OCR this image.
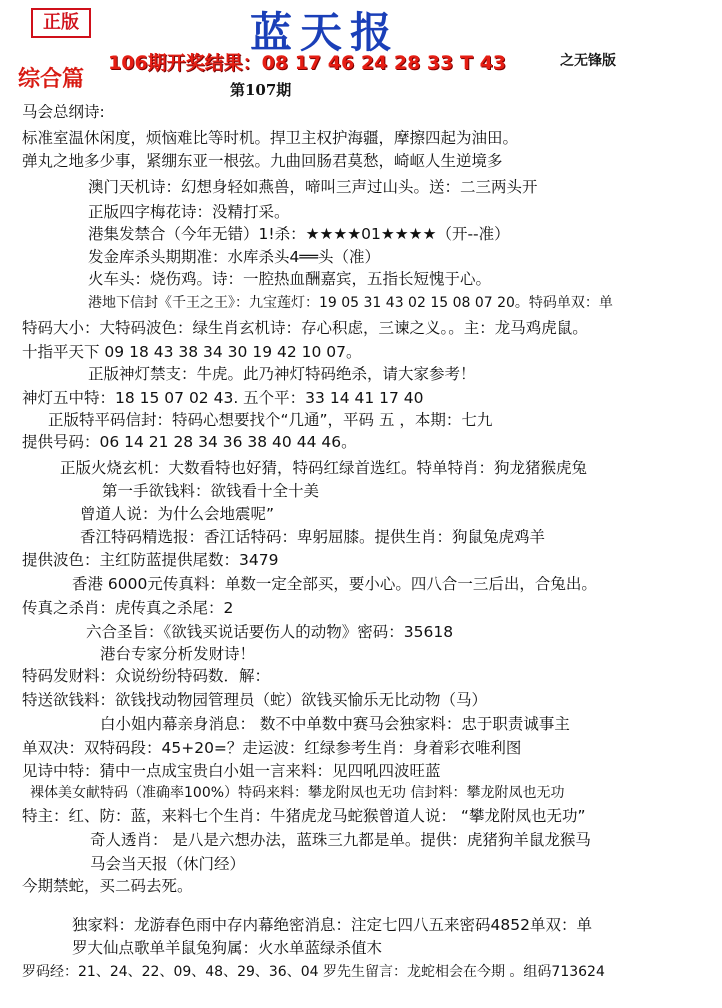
正版	蓝天报
106期开奖结果：08 17 46 24 28 33 T 43	之无锋版
综合篇	第107期
马会总纲诗:
标准室温休闲度，烦恼难比等时机。捍卫主权护海疆，摩擦四起为油田。
弹丸之地多少事，紧绷东亚一根弦。九曲回肠君莫愁，崎岖人生逆境多
澳门天机诗：幻想身轻如燕兽，啼叫三声过山头。送：二三两头开
正版四字梅花诗：没精打采。
港集发禁合（今年无错）1!杀：★★★★01★★★★（开--准）
发金库杀头期期准：水库杀头4══头（准）
火车头：烧伤鸡。诗：一腔热血酬嘉宾，五指长短愧于心。
港地下信封《千王之王》：九宝莲灯：19 05 31 43 02 15 08 07 20。特码单双：单
特码大小：大特码波色：绿生肖玄机诗：存心积虑，三谏之义。。主：龙马鸡虎鼠。
十指平天下 09 18 43 38 34 30 19 42 10 07。
正版神灯禁支：牛虎。此乃神灯特码绝杀，请大家参考！
神灯五中特：18 15 07 02 43. 五个平：33 14 41 17 40
正版特平码信封：特码心想要找个“几通”，平码 五 ，本期：七九
提供号码：06 14 21 28 34 36 38 40 44 46。
正版火烧玄机：大数看特也好猜，特码红绿首选红。特单特肖：狗龙猪猴虎兔
第一手欲钱料：欲钱看十全十美
曾道人说：为什么会地震呢”
香江特码精选报：香江话特码：卑躬屈膝。提供生肖：狗鼠兔虎鸡羊
提供波色：主红防蓝提供尾数：3479
香港 6000元传真料：单数一定全部买，要小心。四八合一三后出，合兔出。
传真之杀肖：虎传真之杀尾：2
六合圣旨：《欲钱买说话要伤人的动物》密码：35618
港台专家分析发财诗！
特码发财料：众说纷纷特码数．解：
特送欲钱料：欲钱找动物园管理员（蛇）欲钱买愉乐无比动物（马）
白小姐内幕亲身消息： 数不中单数中赛马会独家料：忠于职责诚事主
单双决：双特码段：45+20=？走运波：红绿参考生肖：身着彩衣唯利图
见诗中特：猜中一点成宝贵白小姐一言来料：见四吼四波旺蓝
裸体美女献特码（准确率100%）特码来料：攀龙附凤也无功 信封料：攀龙附凤也无功
特主：红、防：蓝，来料七个生肖：牛猪虎龙马蛇猴曾道人说： “攀龙附凤也无功”
奇人透肖： 是八是六想办法，蓝珠三九都是单。提供：虎猪狗羊鼠龙猴马
马会当天报（休门经）
今期禁蛇，买二码去死。
独家料：龙游春色雨中存内幕绝密消息：注定七四八五来密码4852单双：单
罗大仙点歌单羊鼠兔狗属：火水单蓝绿杀值木
罗码经：21、24、22、09、48、29、36、04 罗先生留言：龙蛇相会在今期 。组码713624
